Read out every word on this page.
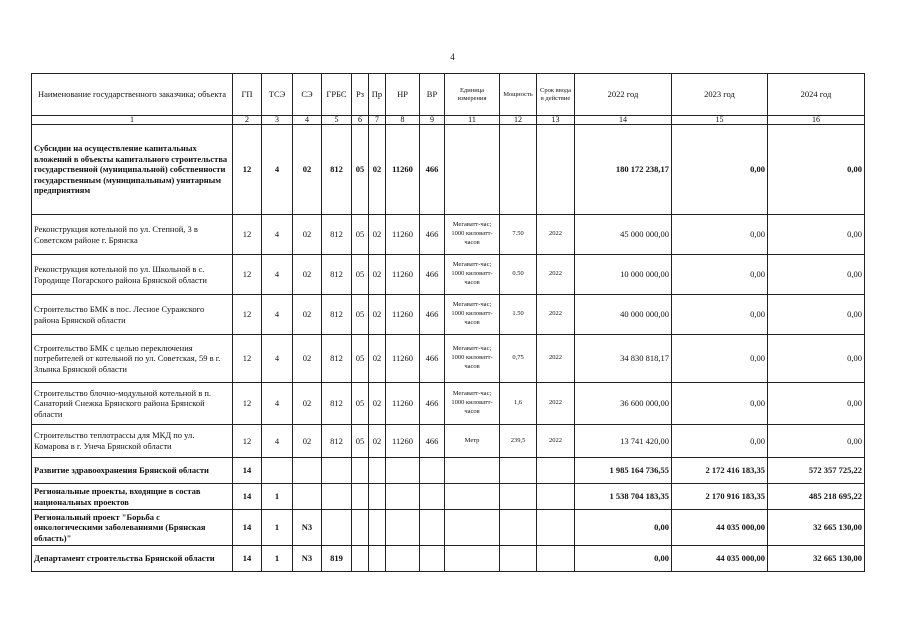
4
Наименование государственного заказчика; объекта	ГП	ТСЭ	СЭ	ГРБС	Рз	Пр	НР	ВР	Единица измерения	Мощность	Срок ввода в действие	2022 год	2023 год	2024 год
1	2	3	4	5	6	7	8	9	11	12	13	14	15	16
Субсидии на осуществление капитальных вложений в объекты капитального строительства государственной (муниципальной) собственности государственным (муниципальным) унитарным предприятиям	12	4	02	812	05	02	11260	466				180 172 238,17	0,00	0,00
Реконструкция котельной по ул. Степной, 3 в Советском районе г. Брянска	12	4	02	812	05	02	11260	466	Мегаватт-час; 1000 киловатт-часов	7.50	2022	45 000 000,00	0,00	0,00
Реконструкция котельной по ул. Школьной в с. Городище Погарского района Брянской области	12	4	02	812	05	02	11260	466	Мегаватт-час; 1000 киловатт-часов	0.50	2022	10 000 000,00	0,00	0,00
Строительство БМК в пос. Лесное Суражского района Брянской области	12	4	02	812	05	02	11260	466	Мегаватт-час; 1000 киловатт-часов	1.50	2022	40 000 000,00	0,00	0,00
Строительство БМК с целью переключения потребителей от котельной по ул. Советская, 59 в г. Злынка Брянской области	12	4	02	812	05	02	11260	466	Мегаватт-час; 1000 киловатт-часов	0,75	2022	34 830 818,17	0,00	0,00
Строительство блочно-модульной котельной в п. Санаторий Снежка Брянского района Брянской области	12	4	02	812	05	02	11260	466	Мегаватт-час; 1000 киловатт-часов	1,6	2022	36 600 000,00	0,00	0,00
Строительство теплотрассы для МКД по ул. Комарова в г. Унеча Брянской области	12	4	02	812	05	02	11260	466	Метр	239,5	2022	13 741 420,00	0,00	0,00
Развитие здравоохранения Брянской области	14											1 985 164 736,55	2 172 416 183,35	572 357 725,22
Региональные проекты, входящие в состав национальных проектов	14	1										1 538 704 183,35	2 170 916 183,35	485 218 695,22
Региональный проект "Борьба с онкологическими заболеваниями (Брянская область)"	14	1	N3									0,00	44 035 000,00	32 665 130,00
Департамент строительства Брянской области	14	1	N3	819								0,00	44 035 000,00	32 665 130,00
